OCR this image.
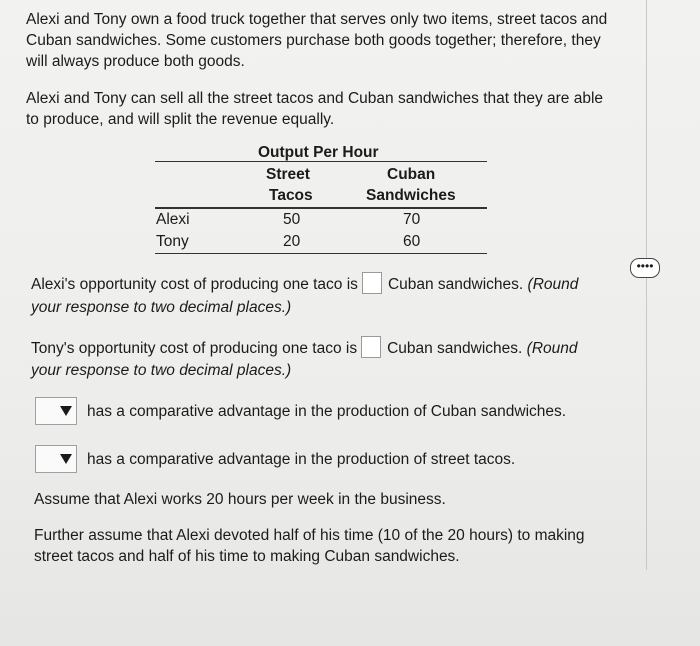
Alexi and Tony own a food truck together that serves only two items, street tacos and Cuban sandwiches. Some customers purchase both goods together; therefore, they will always produce both goods.

Alexi and Tony can sell all the street tacos and Cuban sandwiches that they are able to produce, and will split the revenue equally.

Output Per Hour
Street	Cuban
Tacos	Sandwiches
Alexi	50	70
Tony	20	60
Alexi's opportunity cost of producing one taco is Cuban sandwiches. (Round
your response to two decimal places.)
Tony's opportunity cost of producing one taco is Cuban sandwiches. (Round
your response to two decimal places.)
has a comparative advantage in the production of Cuban sandwiches.
has a comparative advantage in the production of street tacos.
Assume that Alexi works 20 hours per week in the business.

Further assume that Alexi devoted half of his time (10 of the 20 hours) to making street tacos and half of his time to making Cuban sandwiches.

••••
